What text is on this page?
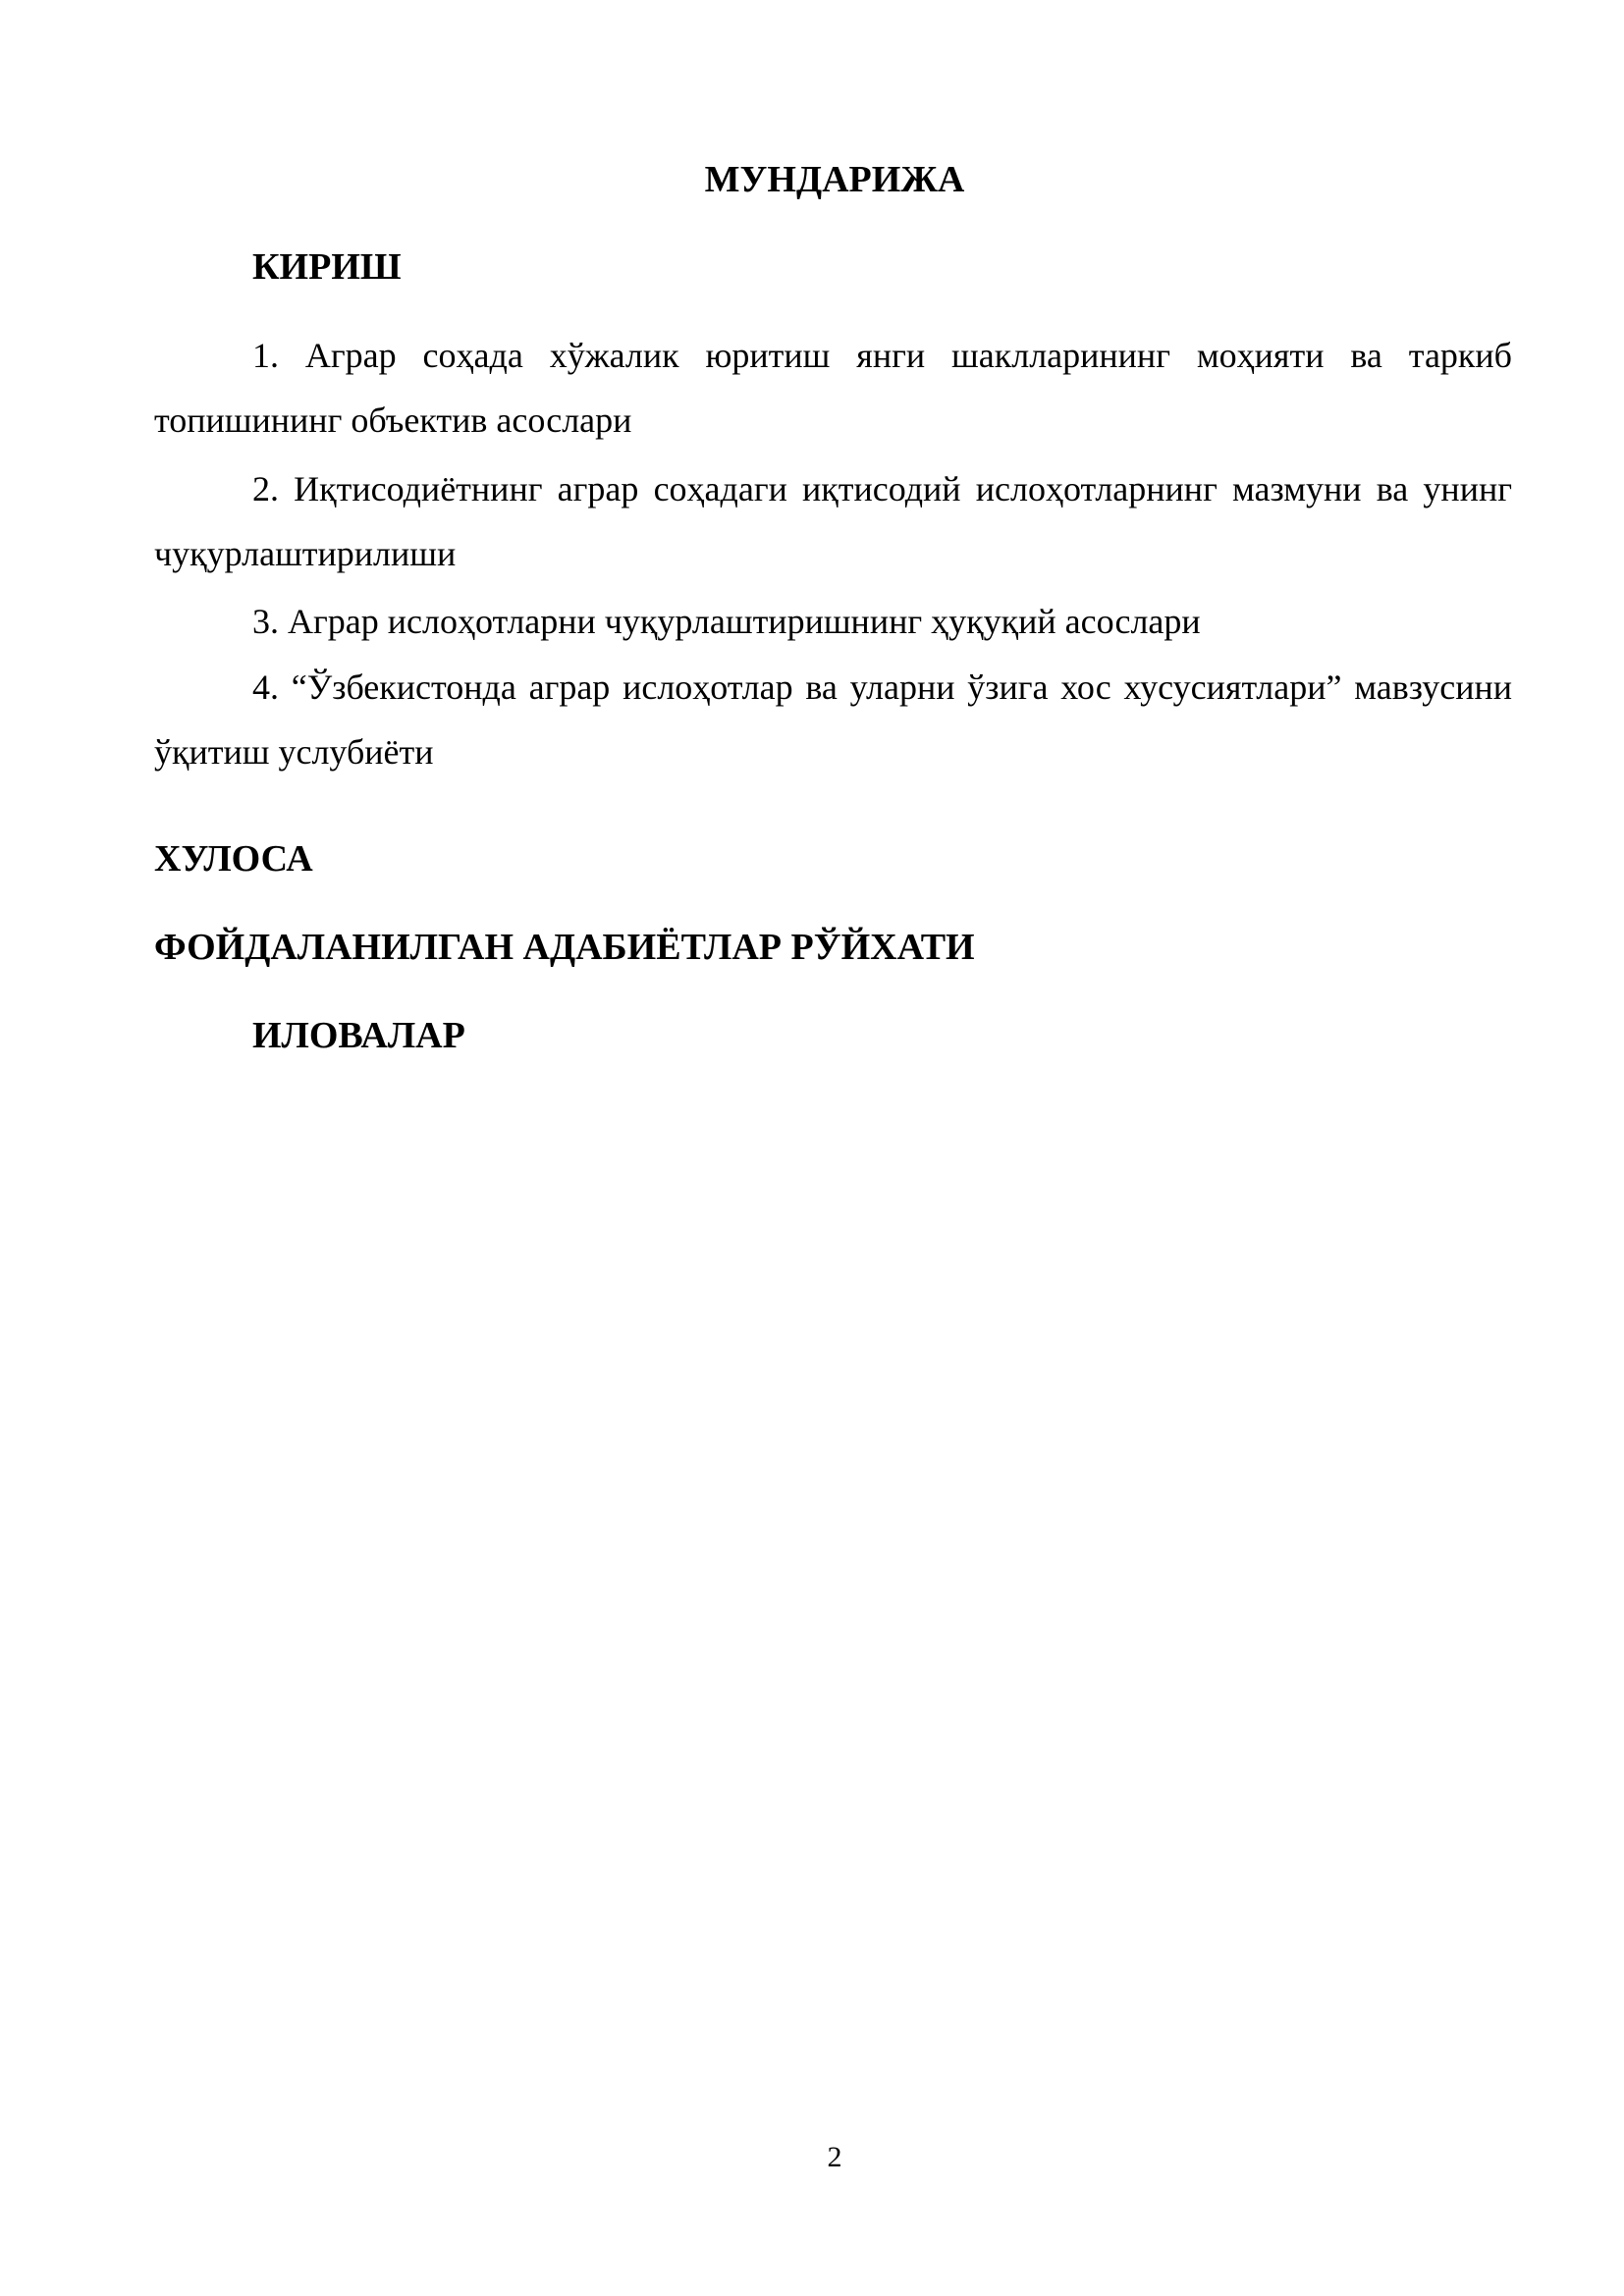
МУНДАРИЖА

КИРИШ

1. Аграр соҳада хўжалик юритиш янги шаклларининг моҳияти ва таркиб топишининг объектив асослари

2. Иқтисодиётнинг аграр соҳадаги иқтисодий ислоҳотларнинг мазмуни ва унинг чуқурлаштирилиши

3. Аграр ислоҳотларни чуқурлаштиришнинг ҳуқуқий асослари

4. “Ўзбекистонда аграр ислоҳотлар ва уларни ўзига хос хусусиятлари” мавзусини ўқитиш услубиёти

ХУЛОСА

ФОЙДАЛАНИЛГАН АДАБИЁТЛАР РЎЙХАТИ

ИЛОВАЛАР

2
